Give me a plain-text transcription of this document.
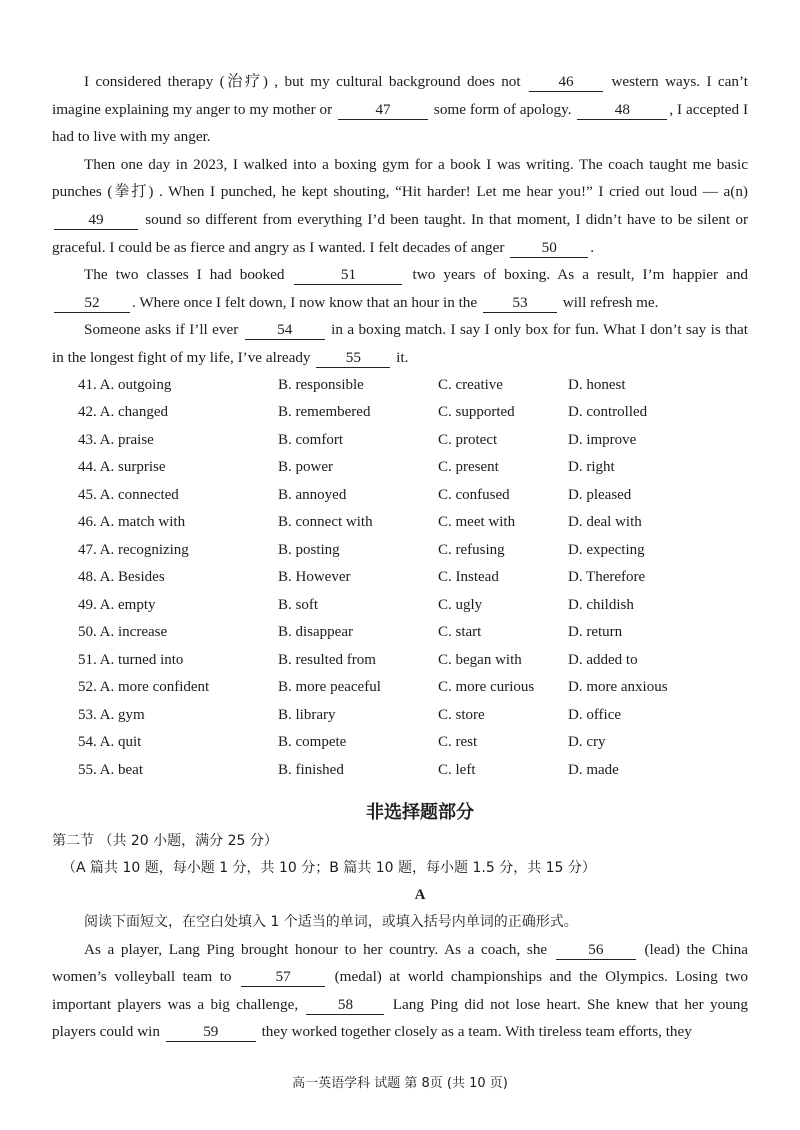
I considered therapy (治疗) , but my cultural background does not 46 western ways. I can’t imagine explaining my anger to my mother or	47	some form of apology.	48	, I accepted I had to live with my anger.

Then one day in 2023, I walked into a boxing gym for a book I was writing. The coach taught me basic punches (拳打) . When I punched, he kept shouting, “Hit harder! Let me hear you!” I cried out loud — a(n) 49	sound so different from everything I’d been taught. In that moment, I didn’t have to be silent or graceful. I could be as fierce and angry as I wanted. I felt decades of anger 50 .

The two classes I had booked	51	two years of boxing. As a result, I’m happier and 52 . Where once I felt down, I now know that an hour in the 53 will refresh me.

Someone asks if I’ll ever	54	in a boxing match. I say I only box for fun. What I don’t say is that in the longest fight of my life, I’ve already 55 it.

41. A. outgoing	B. responsible	C. creative	D. honest
42. A. changed	B. remembered	C. supported	D. controlled
43. A. praise	B. comfort	C. protect	D. improve
44. A. surprise	B. power	C. present	D. right
45. A. connected	B. annoyed	C. confused	D. pleased
46. A. match with	B. connect with	C. meet with	D. deal with
47. A. recognizing	B. posting	C. refusing	D. expecting
48. A. Besides	B. However	C. Instead	D. Therefore
49. A. empty	B. soft	C. ugly	D. childish
50. A. increase	B. disappear	C. start	D. return
51. A. turned into	B. resulted from	C. began with	D. added to
52. A. more confident	B. more peaceful	C. more curious	D. more anxious
53. A. gym	B. library	C. store	D. office
54. A. quit	B. compete	C. rest	D. cry
55. A. beat	B. finished	C. left	D. made
非选择题部分
第二节 （共 20 小题，满分 25 分）
（A 篇共 10 题，每小题 1 分，共 10 分；B 篇共 10 题，每小题 1.5 分，共 15 分）
A
阅读下面短文，在空白处填入 1 个适当的单词，或填入括号内单词的正确形式。

As a player, Lang Ping brought honour to her country. As a coach, she	56	(lead) the China women’s volleyball team to	57	(medal) at world championships and the Olympics. Losing two important players was a big challenge,	58	Lang Ping did not lose heart. She knew that her young players could win	59	they worked together closely as a team. With tireless team efforts, they

高一英语学科 试题 第 8页 (共 10 页)
